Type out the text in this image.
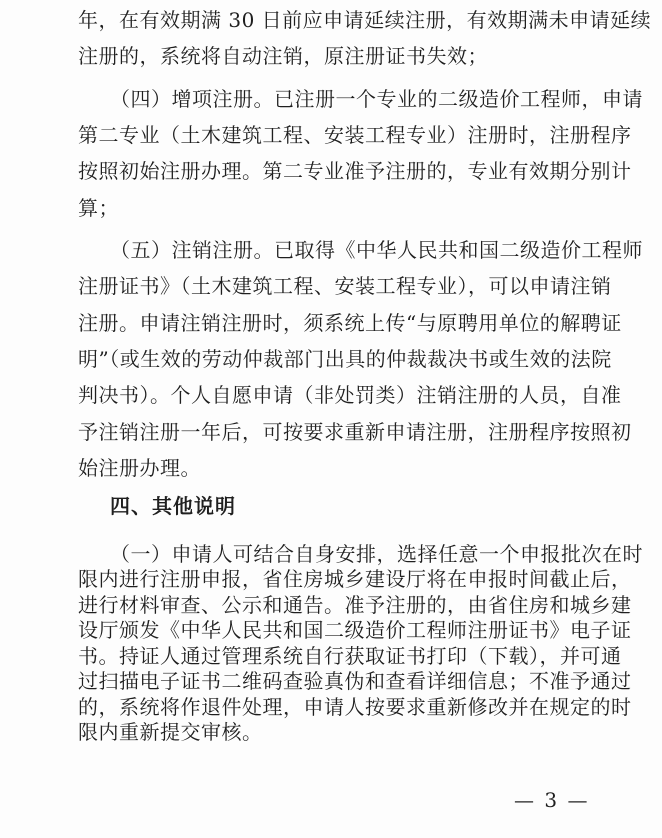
年，在有效期满 30 日前应申请延续注册，有效期满未申请延续
注册的，系统将自动注销，原注册证书失效；
（四）增项注册。已注册一个专业的二级造价工程师，申请
第二专业（土木建筑工程、安装工程专业）注册时，注册程序
按照初始注册办理。第二专业准予注册的，专业有效期分别计
算；
（五）注销注册。已取得《中华人民共和国二级造价工程师
注册证书》（土木建筑工程、安装工程专业），可以申请注销
注册。申请注销注册时，须系统上传“与原聘用单位的解聘证
明”（或生效的劳动仲裁部门出具的仲裁裁决书或生效的法院
判决书）。个人自愿申请（非处罚类）注销注册的人员，自准
予注销注册一年后，可按要求重新申请注册，注册程序按照初
始注册办理。
四、其他说明
（一）申请人可结合自身安排，选择任意一个申报批次在时
限内进行注册申报，省住房城乡建设厅将在申报时间截止后，
进行材料审查、公示和通告。准予注册的，由省住房和城乡建
设厅颁发《中华人民共和国二级造价工程师注册证书》电子证
书。持证人通过管理系统自行获取证书打印（下载），并可通
过扫描电子证书二维码查验真伪和查看详细信息；不准予通过
的，系统将作退件处理，申请人按要求重新修改并在规定的时
限内重新提交审核。
— 3 —
